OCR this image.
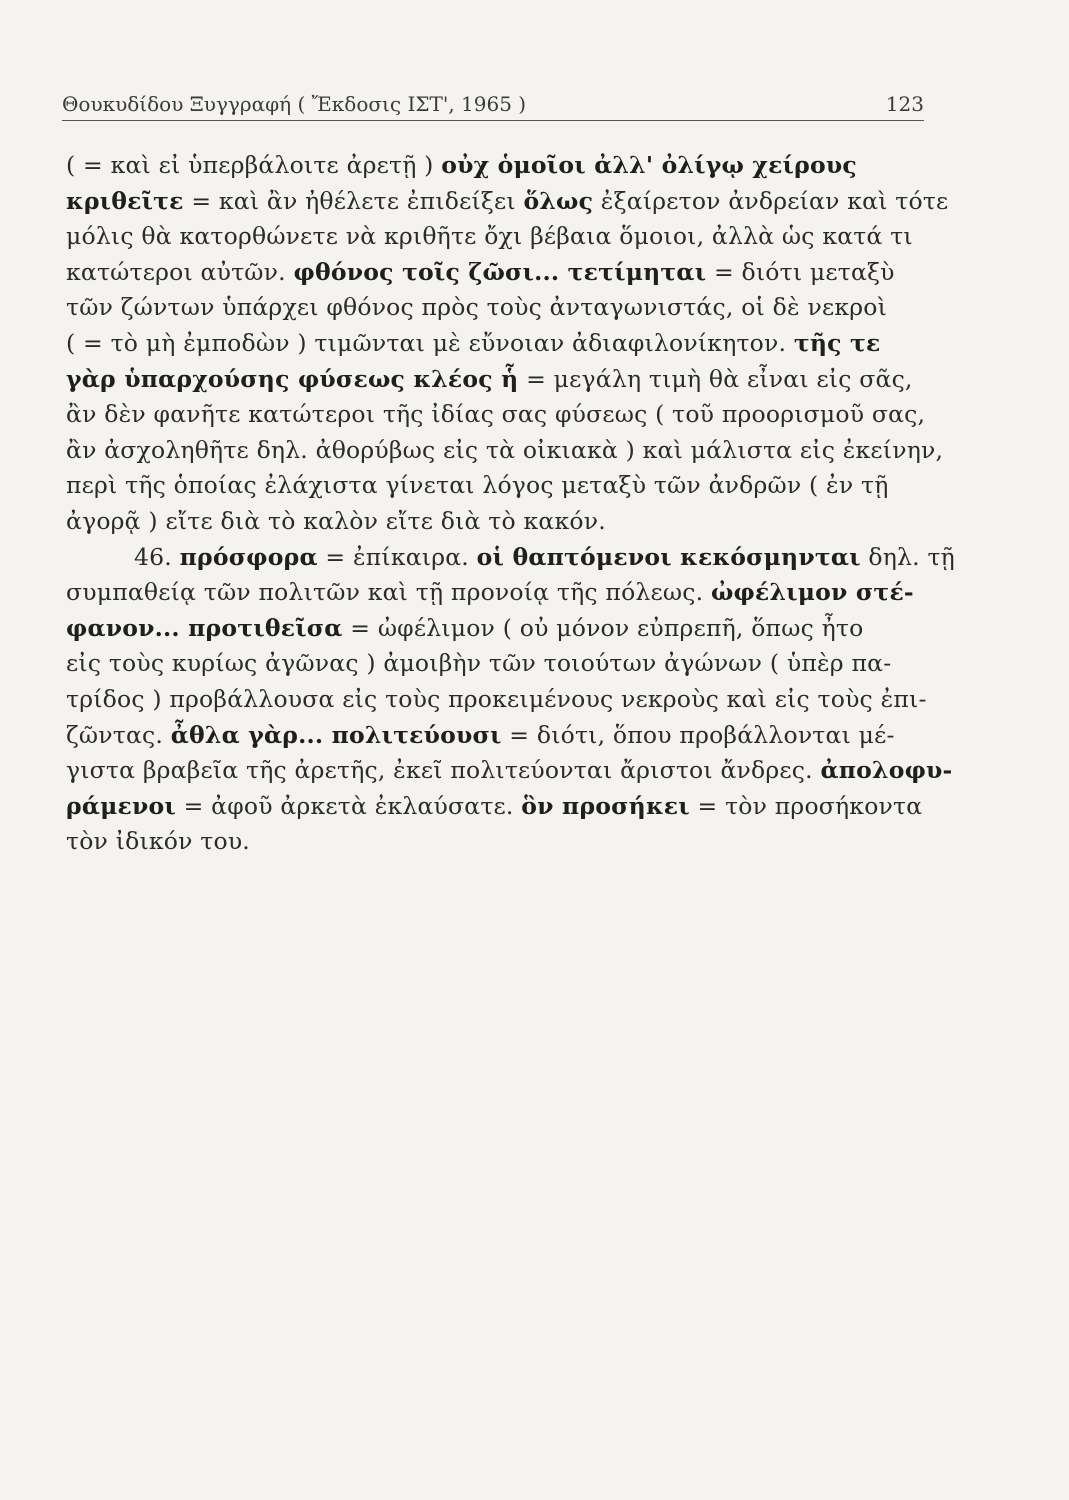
Θουκυδίδου Ξυγγραφή ( Ἔκδοσις ΙΣΤ', 1965 )	123
( = καὶ εἰ ὑπερβάλοιτε ἀρετῇ ) οὐχ ὁμοῖοι ἀλλ' ὀλίγῳ χείρους
κριθεῖτε = καὶ ἂν ἠθέλετε ἐπιδείξει ὅλως ἐξαίρετον ἀνδρείαν καὶ τότε
μόλις θὰ κατορθώνετε νὰ κριθῆτε ὄχι βέβαια ὅμοιοι, ἀλλὰ ὡς κατά τι
κατώτεροι αὐτῶν. φθόνος τοῖς ζῶσι... τετίμηται = διότι μεταξὺ
τῶν ζώντων ὑπάρχει φθόνος πρὸς τοὺς ἀνταγωνιστάς, οἱ δὲ νεκροὶ
( = τὸ μὴ ἐμποδὼν ) τιμῶνται μὲ εὔνοιαν ἀδιαφιλονίκητον. τῆς τε
γὰρ ὑπαρχούσης φύσεως κλέος ἧ = μεγάλη τιμὴ θὰ εἶναι εἰς σᾶς,
ἂν δὲν φανῆτε κατώτεροι τῆς ἰδίας σας φύσεως ( τοῦ προορισμοῦ σας,
ἂν ἀσχοληθῆτε δηλ. ἀθορύβως εἰς τὰ οἰκιακὰ ) καὶ μάλιστα εἰς ἐκείνην,
περὶ τῆς ὁποίας ἐλάχιστα γίνεται λόγος μεταξὺ τῶν ἀνδρῶν ( ἐν τῇ
ἀγορᾷ ) εἴτε διὰ τὸ καλὸν εἴτε διὰ τὸ κακόν.
46. πρόσφορα = ἐπίκαιρα. οἱ θαπτόμενοι κεκόσμηνται δηλ. τῇ
συμπαθείᾳ τῶν πολιτῶν καὶ τῇ προνοίᾳ τῆς πόλεως. ὠφέλιμον στέ-
φανον... προτιθεῖσα = ὠφέλιμον ( οὐ μόνον εὐπρεπῆ, ὅπως ἦτο
εἰς τοὺς κυρίως ἀγῶνας ) ἀμοιβὴν τῶν τοιούτων ἀγώνων ( ὑπὲρ πα-
τρίδος ) προβάλλουσα εἰς τοὺς προκειμένους νεκροὺς καὶ εἰς τοὺς ἐπι-
ζῶντας. ἆθλα γὰρ... πολιτεύουσι = διότι, ὅπου προβάλλονται μέ-
γιστα βραβεῖα τῆς ἀρετῆς, ἐκεῖ πολιτεύονται ἄριστοι ἄνδρες. ἀπολοφυ-
ράμενοι = ἀφοῦ ἀρκετὰ ἐκλαύσατε. ὃν προσήκει = τὸν προσήκοντα
τὸν ἰδικόν του.
